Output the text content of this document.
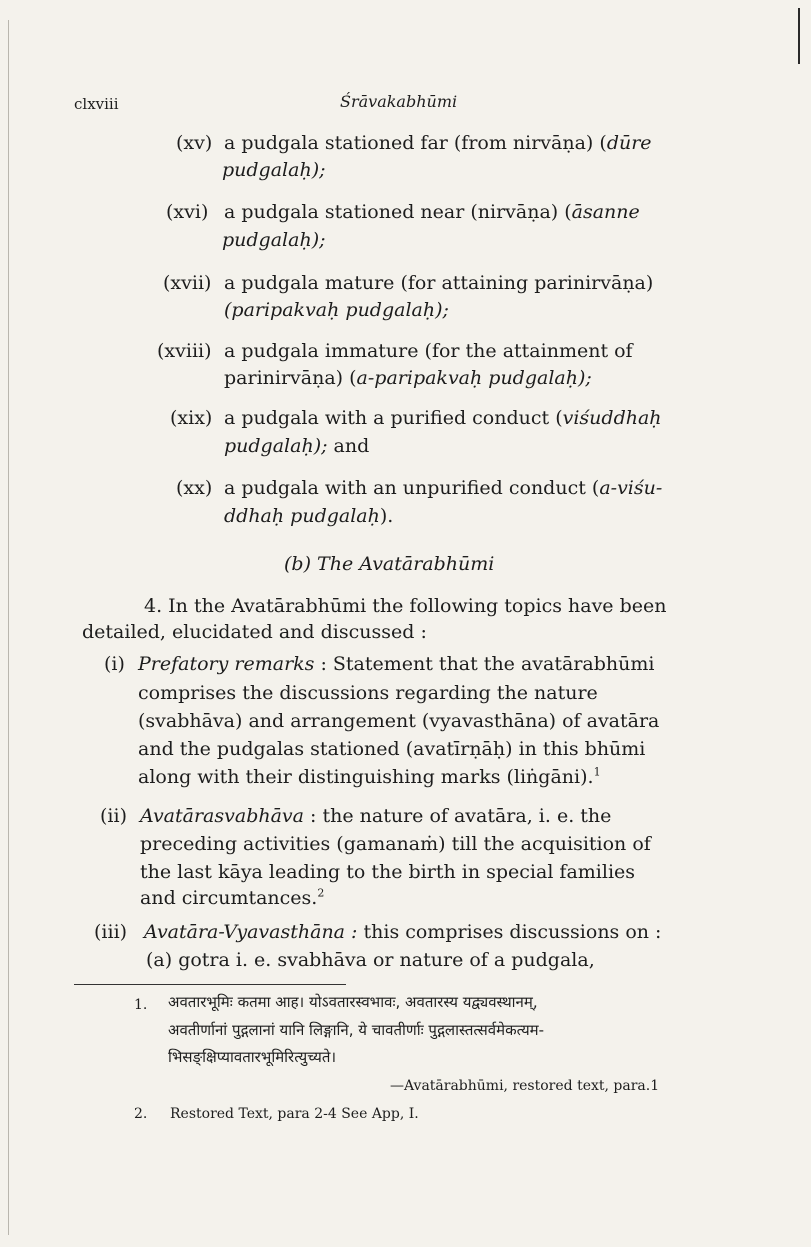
clxviii	Śrāvakabhūmi
(xv) a pudgala stationed far (from nirvāṇa) (dūre
pudgalaḥ);
(xvi) a pudgala stationed near (nirvāṇa) (āsanne
pudgalaḥ);
(xvii) a pudgala mature (for attaining parinirvāṇa)
(paripakvaḥ pudgalaḥ);
(xviii) a pudgala immature (for the attainment of
parinirvāṇa) (a-paripakvaḥ pudgalaḥ);
(xix) a pudgala with a purified conduct (viśuddhaḥ
pudgalaḥ); and
(xx) a pudgala with an unpurified conduct (a-viśu-
ddhaḥ pudgalaḥ).
(b) The Avatārabhūmi
4. In the Avatārabhūmi the following topics have been
detailed, elucidated and discussed :
(i) Prefatory remarks : Statement that the avatārabhūmi
comprises the discussions regarding the nature
(svabhāva) and arrangement (vyavasthāna) of avatāra
and the pudgalas stationed (avatīrṇāḥ) in this bhūmi
along with their distinguishing marks (liṅgāni).$^1$
(ii) Avatārasvabhāva : the nature of avatāra, i. e. the
preceding activities (gamanaṁ) till the acquisition of
the last kāya leading to the birth in special families
and circumtances.$^2$
(iii) Avatāra-Vyavasthāna : this comprises discussions on :
(a) gotra i. e. svabhāva or nature of a pudgala,
1. अवतारभूमिः कतमा आह। योऽवतारस्वभावः, अवतारस्य यद्व्यवस्थानम्,
अवतीर्णानां पुद्गलानां यानि लिङ्गानि, ये चावतीर्णाः पुद्गलास्तत्सर्वमेकत्यम-
भिसङ्क्षिप्यावतारभूमिरित्युच्यते।
—Avatārabhūmi, restored text, para.1
2. Restored Text, para 2-4 See App, I.
